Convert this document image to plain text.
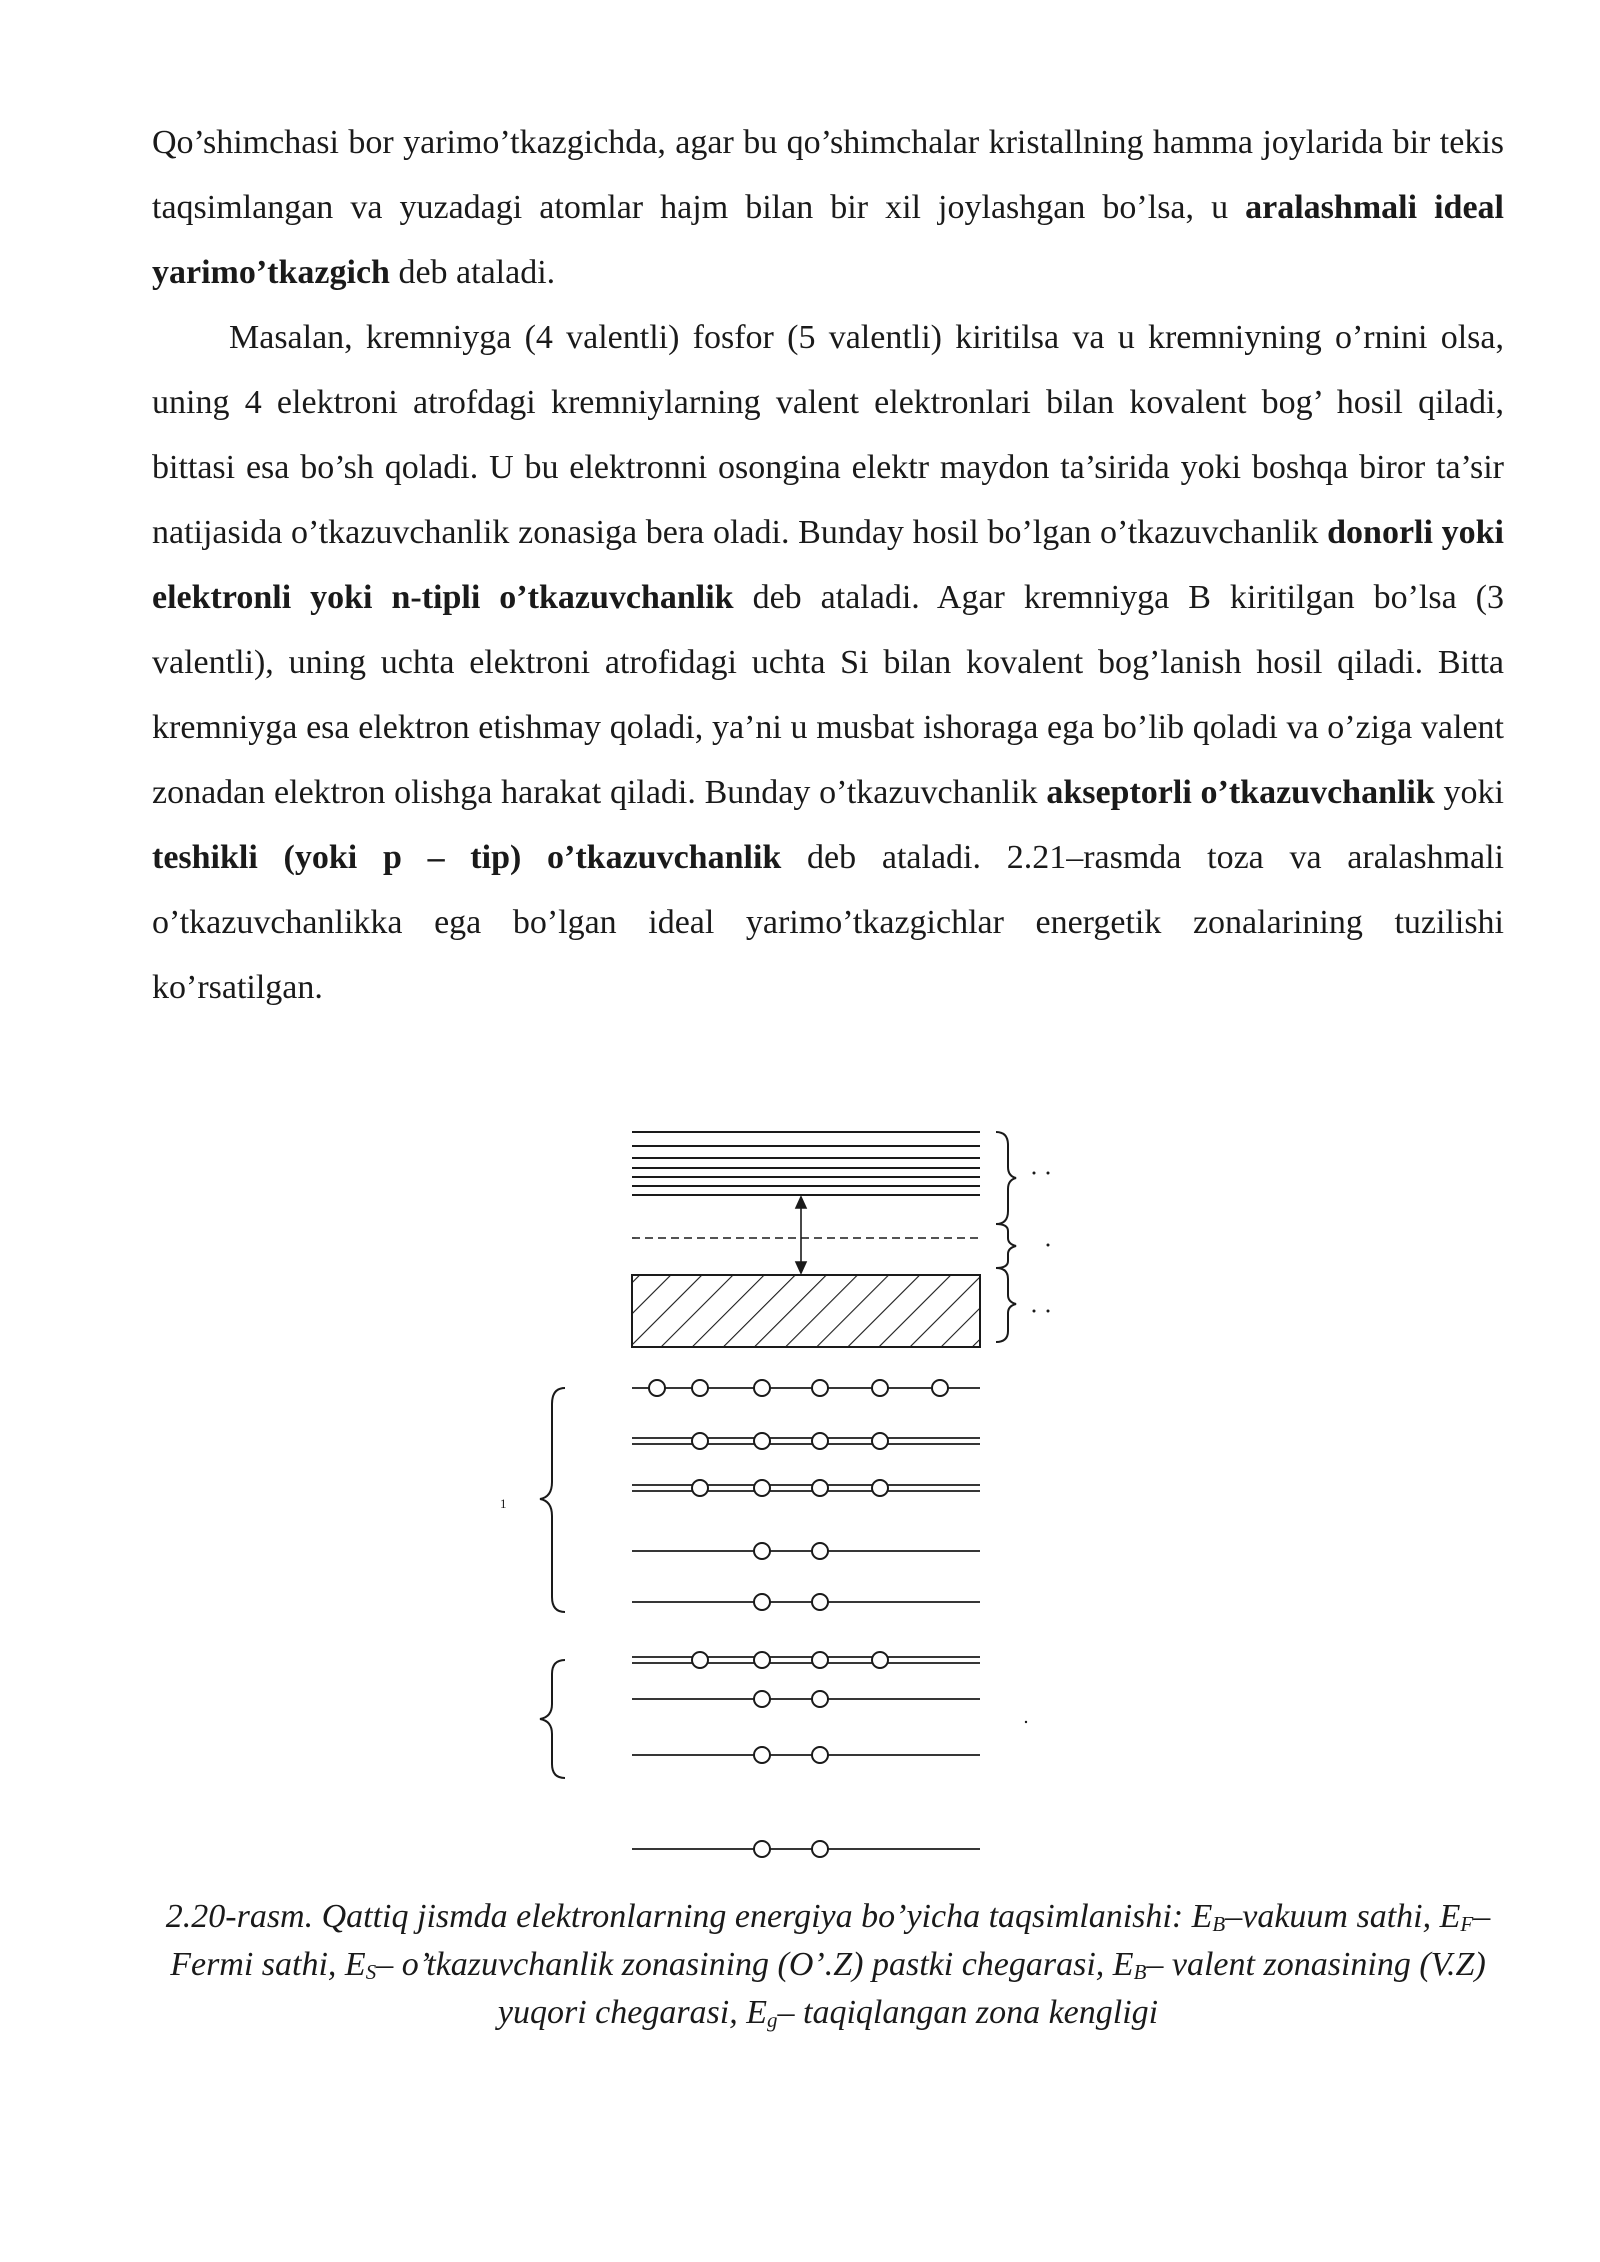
Qo’shimchasi bor yarimo’tkazgichda, agar bu qo’shimchalar kristallning hamma joylarida bir tekis taqsimlangan va yuzadagi atomlar hajm bilan bir xil joylashgan bo’lsa, u aralashmali ideal yarimo’tkazgich deb ataladi.

Masalan, kremniyga (4 valentli) fosfor (5 valentli) kiritilsa va u kremniyning o’rnini olsa, uning 4 elektroni atrofdagi kremniylarning valent elektronlari bilan kovalent bog’ hosil qiladi, bittasi esa bo’sh qoladi. U bu elektronni osongina elektr maydon ta’sirida yoki boshqa biror ta’sir natijasida o’tkazuvchanlik zonasiga bera oladi. Bunday hosil bo’lgan o’tkazuvchanlik donorli yoki elektronli yoki n-tipli o’tkazuvchanlik deb ataladi. Agar kremniyga B kiritilgan bo’lsa (3 valentli), uning uchta elektroni atrofidagi uchta Si bilan kovalent bog’lanish hosil qiladi. Bitta kremniyga esa elektron etishmay qoladi, ya’ni u musbat ishoraga ega bo’lib qoladi va o’ziga valent zonadan elektron olishga harakat qiladi. Bunday o’tkazuvchanlik akseptorli o’tkazuvchanlik yoki teshikli (yoki p – tip) o’tkazuvchanlik deb ataladi. 2.21–rasmda toza va aralashmali o’tkazuvchanlikka ega bo’lgan ideal yarimo’tkazgichlar energetik zonalarining tuzilishi ko’rsatilgan.

1
2.20-rasm. Qattiq jismda elektronlarning energiya bo’yicha taqsimlanishi: $E_B$–vakuum sathi, $E_F$–Fermi sathi, $E_S-$ o’tkazuvchanlik zonasining (O’.Z) pastki chegarasi, $E_B-$ valent zonasining (V.Z) yuqori chegarasi, $E_g-$ taqiqlangan zona kengligi
